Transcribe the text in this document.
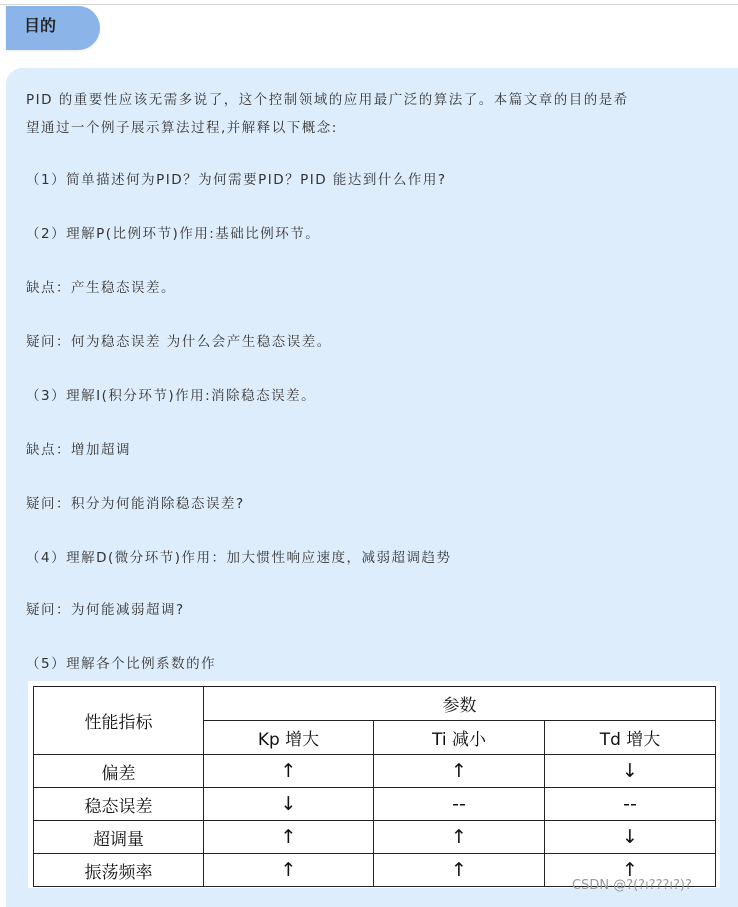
目的

PID 的重要性应该无需多说了，这个控制领域的应用最广泛的算法了。本篇文章的目的是希

望通过一个例子展示算法过程,并解释以下概念:

（1）简单描述何为PID？为何需要PID？PID 能达到什么作用?

（2）理解P(比例环节)作用:基础比例环节。

缺点：产生稳态误差。

疑问：何为稳态误差 为什么会产生稳态误差。

（3）理解I(积分环节)作用:消除稳态误差。

缺点：增加超调

疑问：积分为何能消除稳态误差?

（4）理解D(微分环节)作用：加大惯性响应速度，减弱超调趋势

疑问：为何能减弱超调?

（5）理解各个比例系数的作

性能指标	参数		
	Kp 增大	Ti 减小	Td 增大
偏差	↑	↑	↓
稳态误差	↓	--	--
超调量	↑	↑	↓
振荡频率	↑	↑	↑
CSDN @?(?ı???ı?)?
